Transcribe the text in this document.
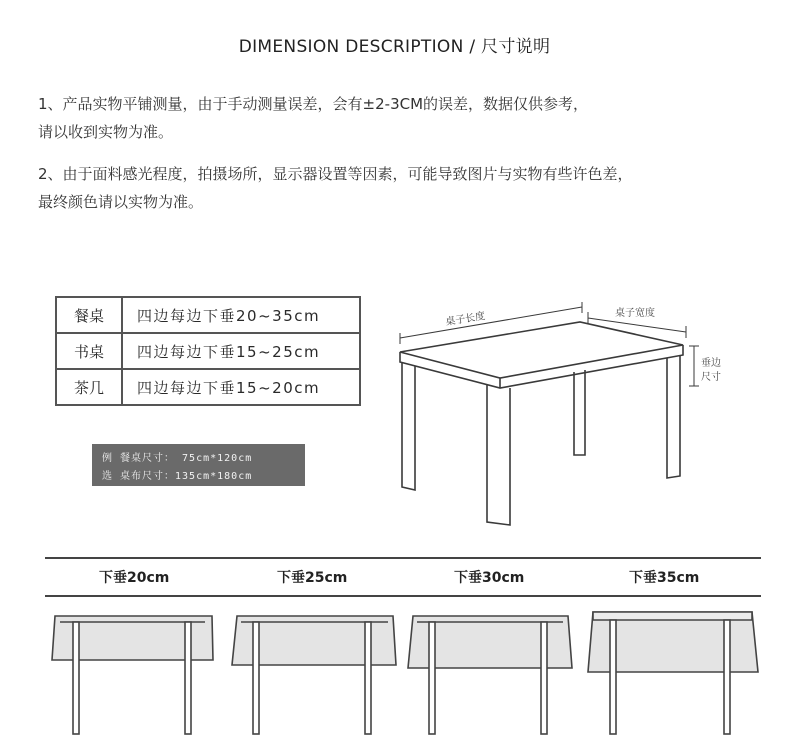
DIMENSION DESCRIPTION / 尺寸说明
1、产品实物平铺测量，由于手动测量误差，会有±2-3CM的误差，数据仅供参考，
请以收到实物为准。
2、由于面料感光程度，拍摄场所，显示器设置等因素，可能导致图片与实物有些许色差，
最终颜色请以实物为准。
餐桌	四边每边下垂20~35cm
书桌	四边每边下垂15~25cm
茶几	四边每边下垂15~20cm
例 餐桌尺寸： 75cm*120cm
选 桌布尺寸：135cm*180cm
桌子长度	桌子宽度
垂边
尺寸
下垂20cm	下垂25cm	下垂30cm	下垂35cm
